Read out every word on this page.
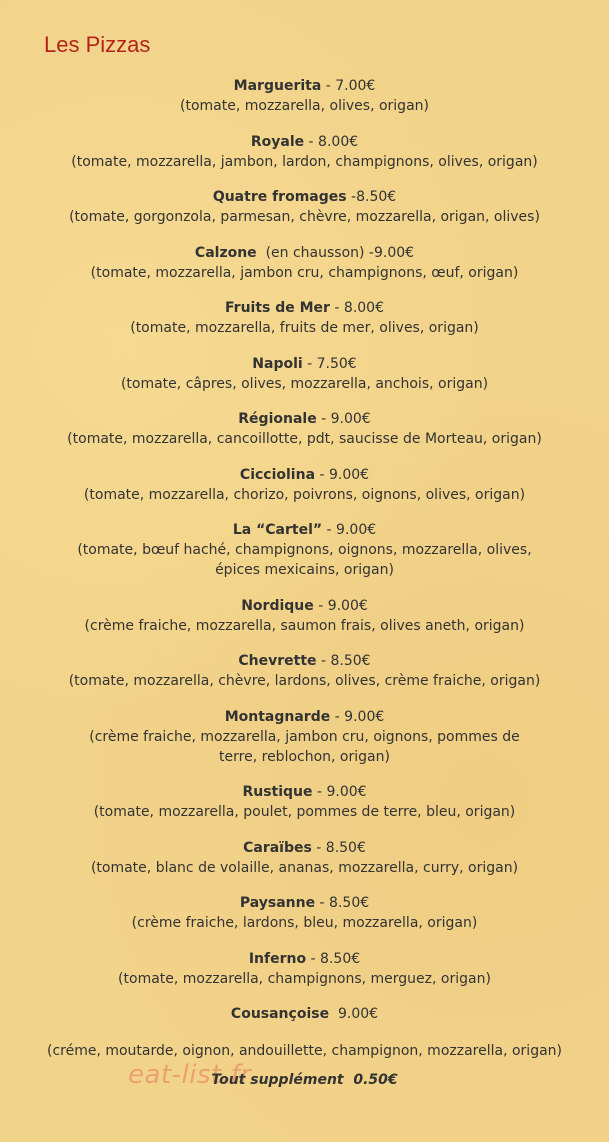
Les Pizzas
Marguerita - 7.00€
(tomate, mozzarella, olives, origan)
Royale - 8.00€
(tomate, mozzarella, jambon, lardon, champignons, olives, origan)
Quatre fromages -8.50€
(tomate, gorgonzola, parmesan, chèvre, mozzarella, origan, olives)
Calzone  (en chausson) -9.00€
(tomate, mozzarella, jambon cru, champignons, œuf, origan)
Fruits de Mer - 8.00€
(tomate, mozzarella, fruits de mer, olives, origan)
Napoli - 7.50€
(tomate, câpres, olives, mozzarella, anchois, origan)
Régionale - 9.00€
(tomate, mozzarella, cancoillotte, pdt, saucisse de Morteau, origan)
Cicciolina - 9.00€
(tomate, mozzarella, chorizo, poivrons, oignons, olives, origan)
La “Cartel” - 9.00€
(tomate, bœuf haché, champignons, oignons, mozzarella, olives, épices mexicains, origan)
Nordique - 9.00€
(crème fraiche, mozzarella, saumon frais, olives aneth, origan)
Chevrette - 8.50€
(tomate, mozzarella, chèvre, lardons, olives, crème fraiche, origan)
Montagnarde - 9.00€
(crème fraiche, mozzarella, jambon cru, oignons, pommes de terre, reblochon, origan)
Rustique - 9.00€
(tomate, mozzarella, poulet, pommes de terre, bleu, origan)
Caraïbes - 8.50€
(tomate, blanc de volaille, ananas, mozzarella, curry, origan)
Paysanne - 8.50€
(crème fraiche, lardons, bleu, mozzarella, origan)
Inferno - 8.50€
(tomate, mozzarella, champignons, merguez, origan)
Cousançoise  9.00€
(créme, moutarde, oignon, andouillette, champignon, mozzarella, origan)
eat-list.fr
Tout supplément  0.50€
